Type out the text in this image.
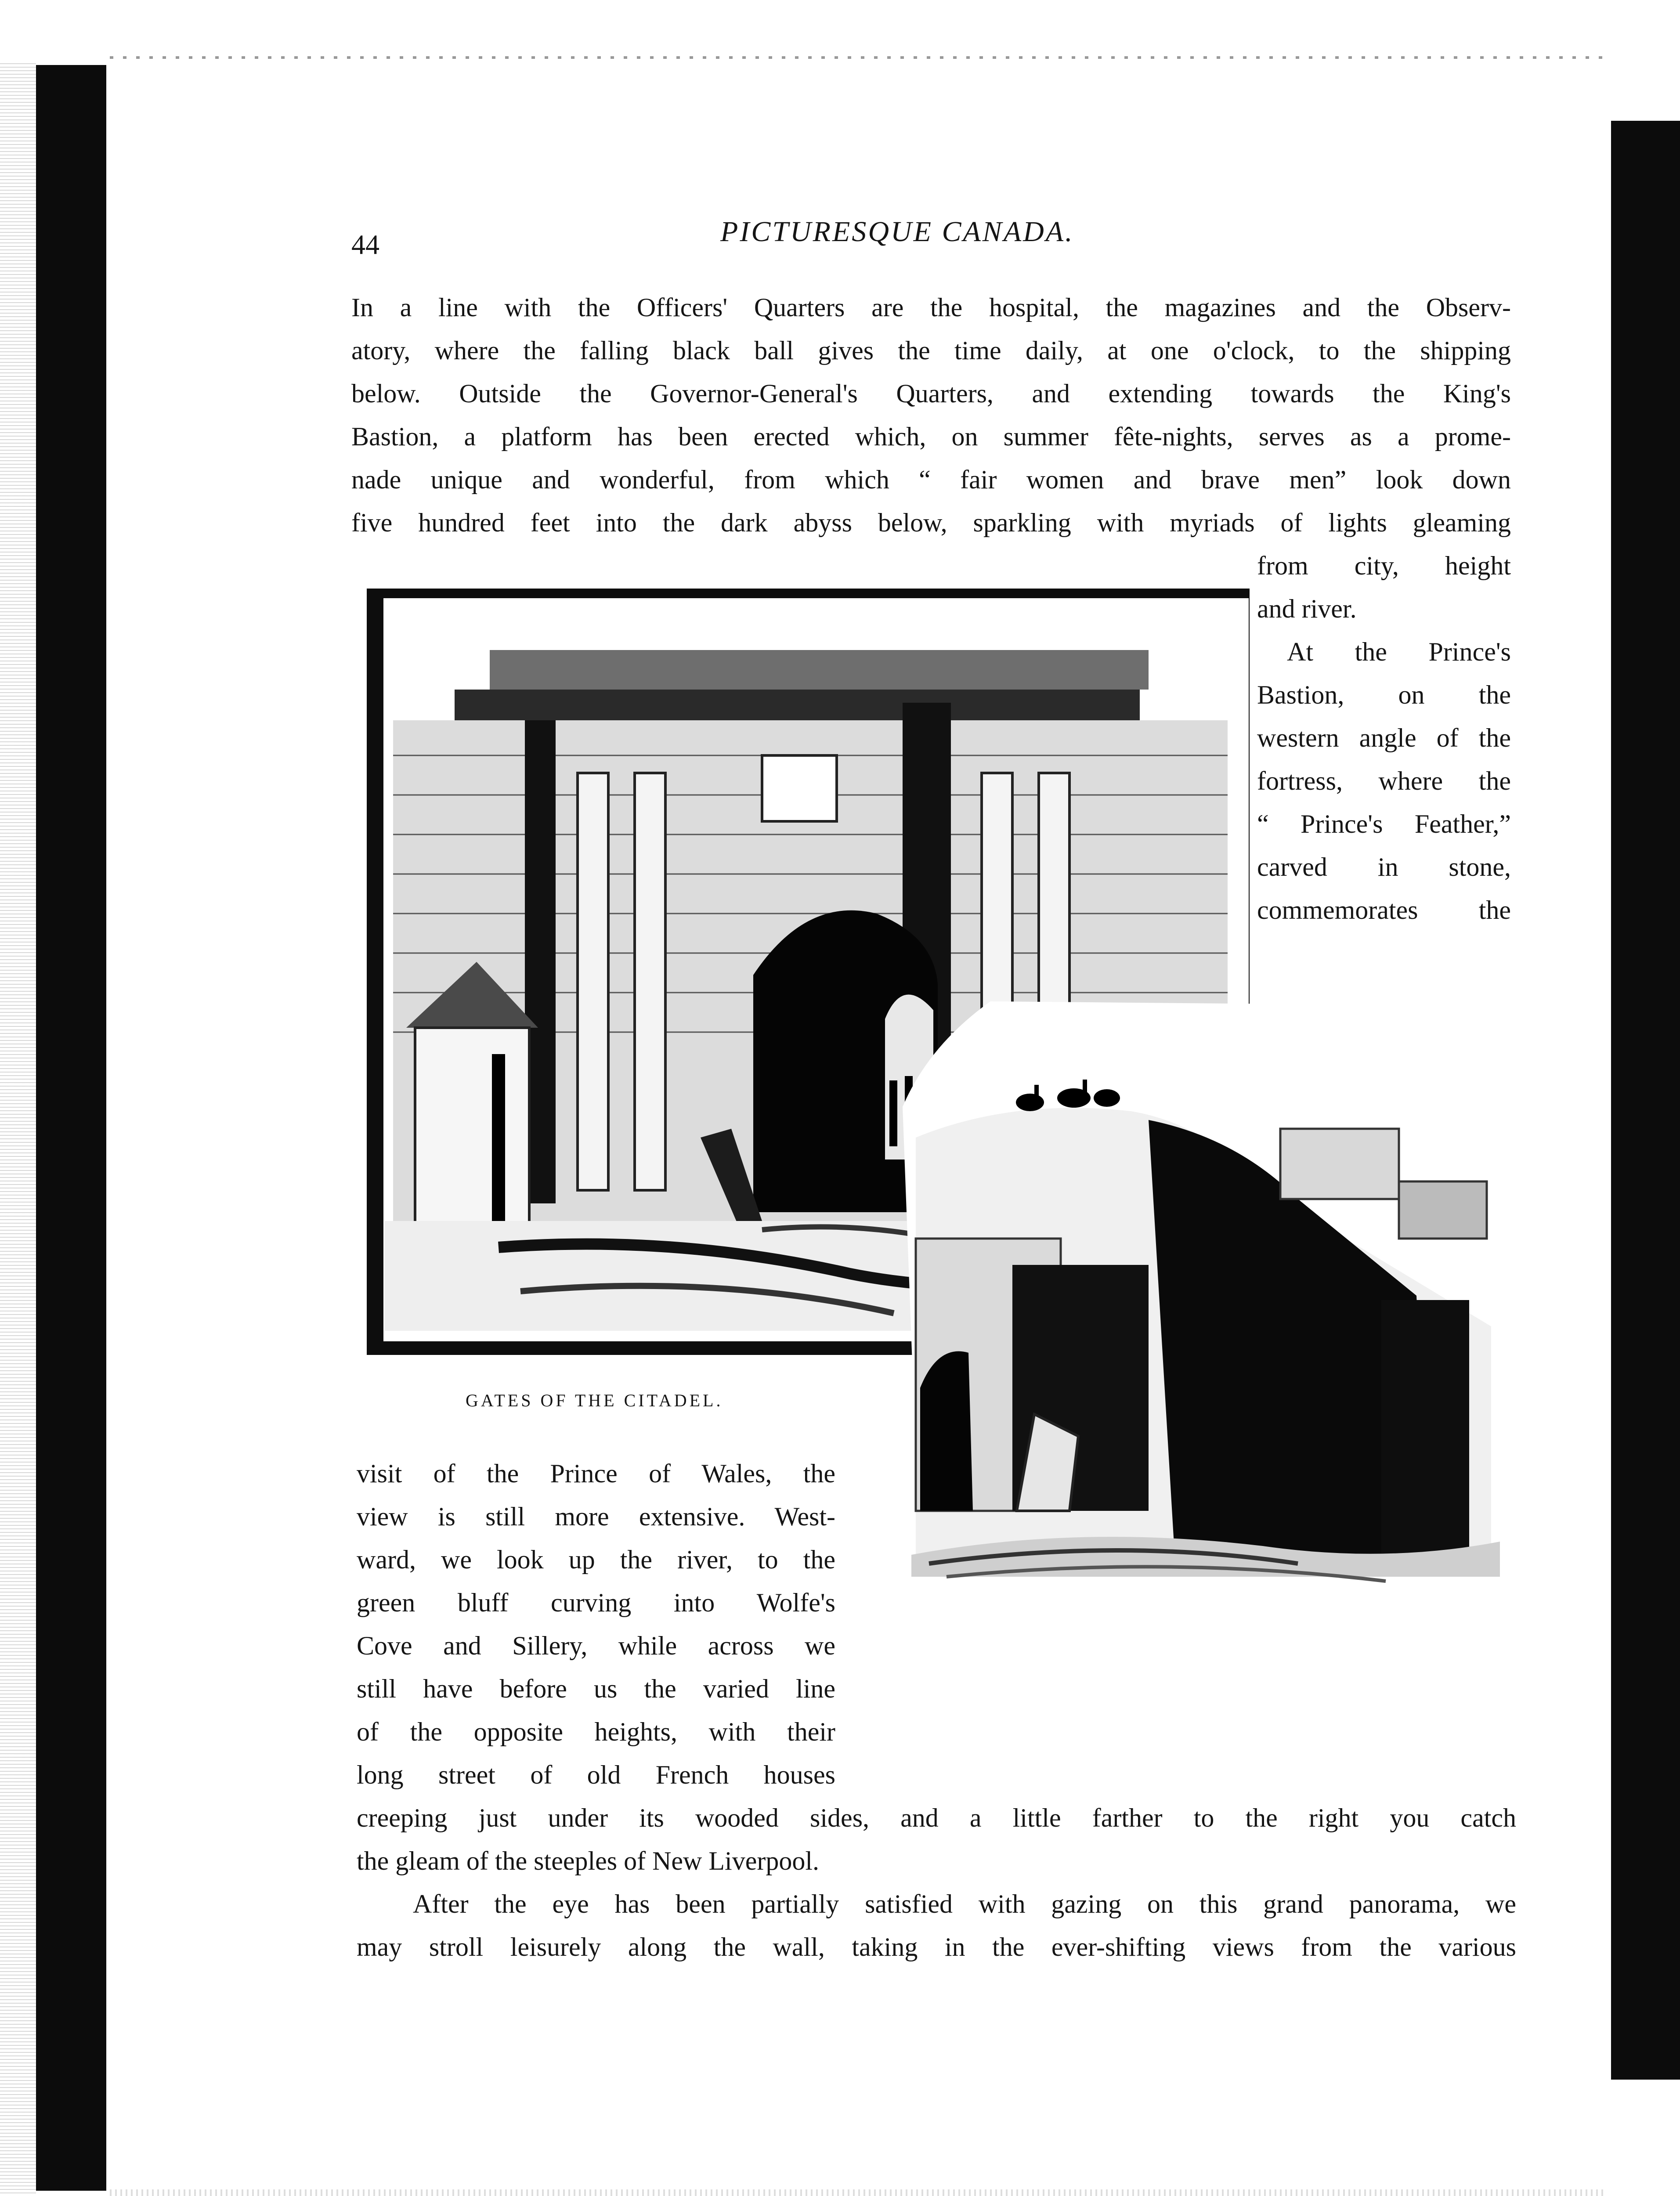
44	PICTURESQUE CANADA.
In a line with the Officers' Quarters are the hospital, the magazines and the Observ-
atory, where the falling black ball gives the time daily, at one o'clock, to the shipping
below. Outside the Governor-General's Quarters, and extending towards the King's
Bastion, a platform has been erected which, on summer fête-nights, serves as a prome-
nade unique and wonderful, from which “ fair women and brave men” look down
five hundred feet into the dark abyss below, sparkling with myriads of lights gleaming
from city, height
and river.
At the Prince's
Bastion, on the
western angle of the
fortress, where the
“ Prince's Feather,”
carved in stone,
commemorates the
GATES OF THE CITADEL.
visit of the Prince of Wales, the
view is still more extensive. West-
ward, we look up the river, to the
green bluff curving into Wolfe's
Cove and Sillery, while across we
still have before us the varied line
of the opposite heights, with their
long street of old French houses
creeping just under its wooded sides, and a little farther to the right you catch
the gleam of the steeples of New Liverpool.
After the eye has been partially satisfied with gazing on this grand panorama, we
may stroll leisurely along the wall, taking in the ever-shifting views from the various
